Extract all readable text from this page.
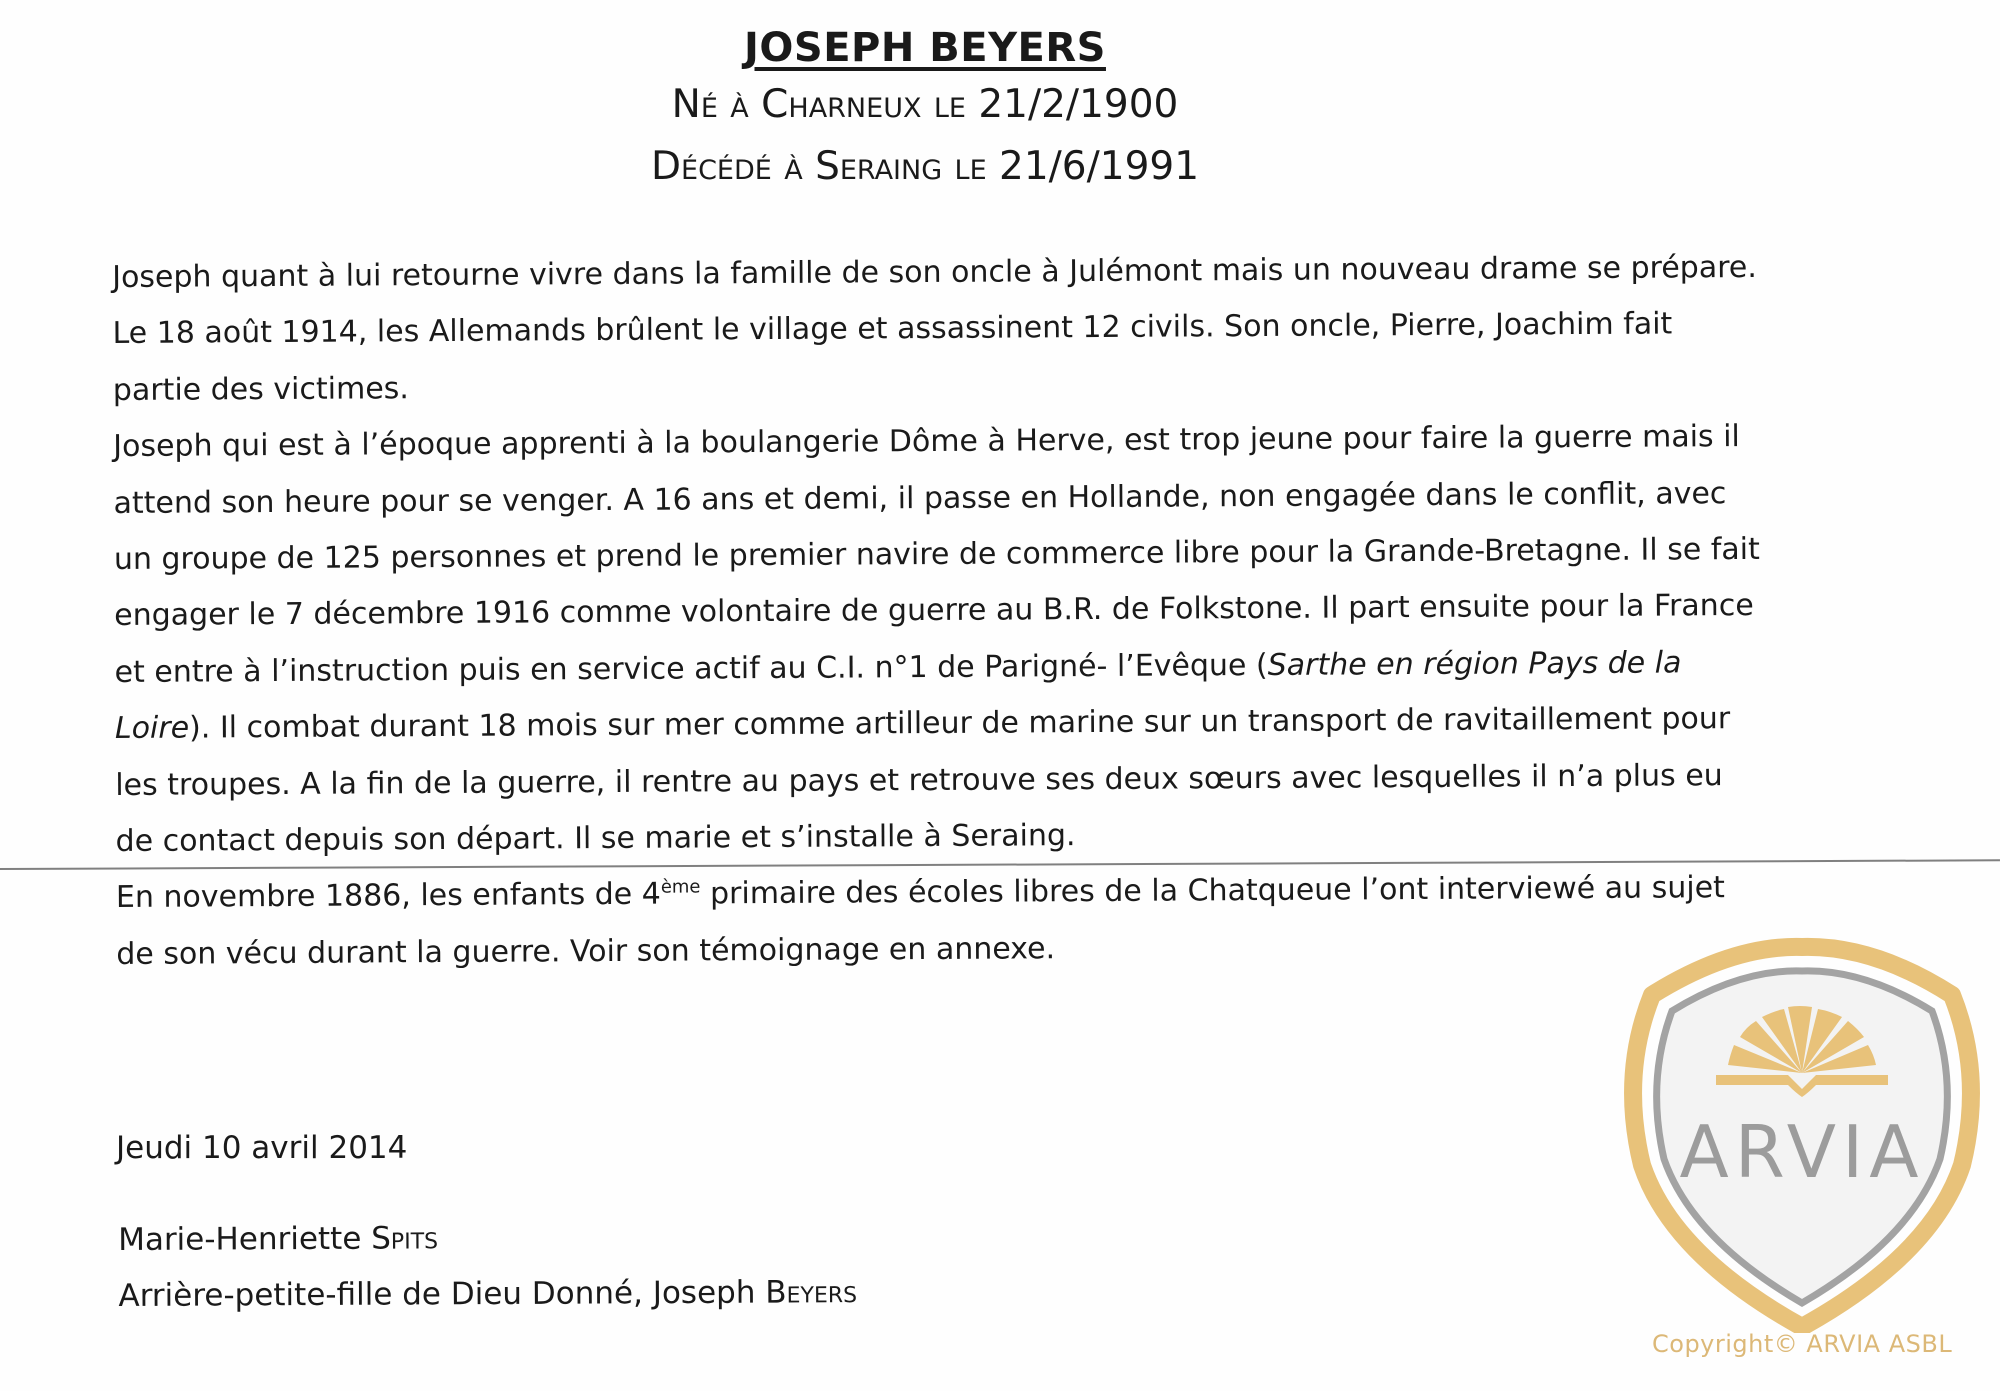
JOSEPH BEYERS
Né à Charneux le 21/2/1900
Décédé à Seraing le 21/6/1991

Joseph quant à lui retourne vivre dans la famille de son oncle à Julémont mais un nouveau drame se prépare. Le 18 août 1914, les Allemands brûlent le village et assassinent 12 civils. Son oncle, Pierre, Joachim fait partie des victimes.

Joseph qui est à l’époque apprenti à la boulangerie Dôme à Herve, est trop jeune pour faire la guerre mais il attend son heure pour se venger. A 16 ans et demi, il passe en Hollande, non engagée dans le conflit, avec un groupe de 125 personnes et prend le premier navire de commerce libre pour la Grande-Bretagne. Il se fait engager le 7 décembre 1916 comme volontaire de guerre au B.R. de Folkstone. Il part ensuite pour la France et entre à l’instruction puis en service actif au C.I. n°1 de Parigné- l’Evêque (Sarthe en région Pays de la Loire). Il combat durant 18 mois sur mer comme artilleur de marine sur un transport de ravitaillement pour les troupes. A la fin de la guerre, il rentre au pays et retrouve ses deux sœurs avec lesquelles il n’a plus eu de contact depuis son départ. Il se marie et s’installe à Seraing.

En novembre 1886, les enfants de 4ème primaire des écoles libres de la Chatqueue l’ont interviewé au sujet de son vécu durant la guerre. Voir son témoignage en annexe.

Jeudi 10 avril 2014
Marie-Henriette Spits
Arrière-petite-fille de Dieu Donné, Joseph Beyers
ARVIA
Copyright© ARVIA ASBL
